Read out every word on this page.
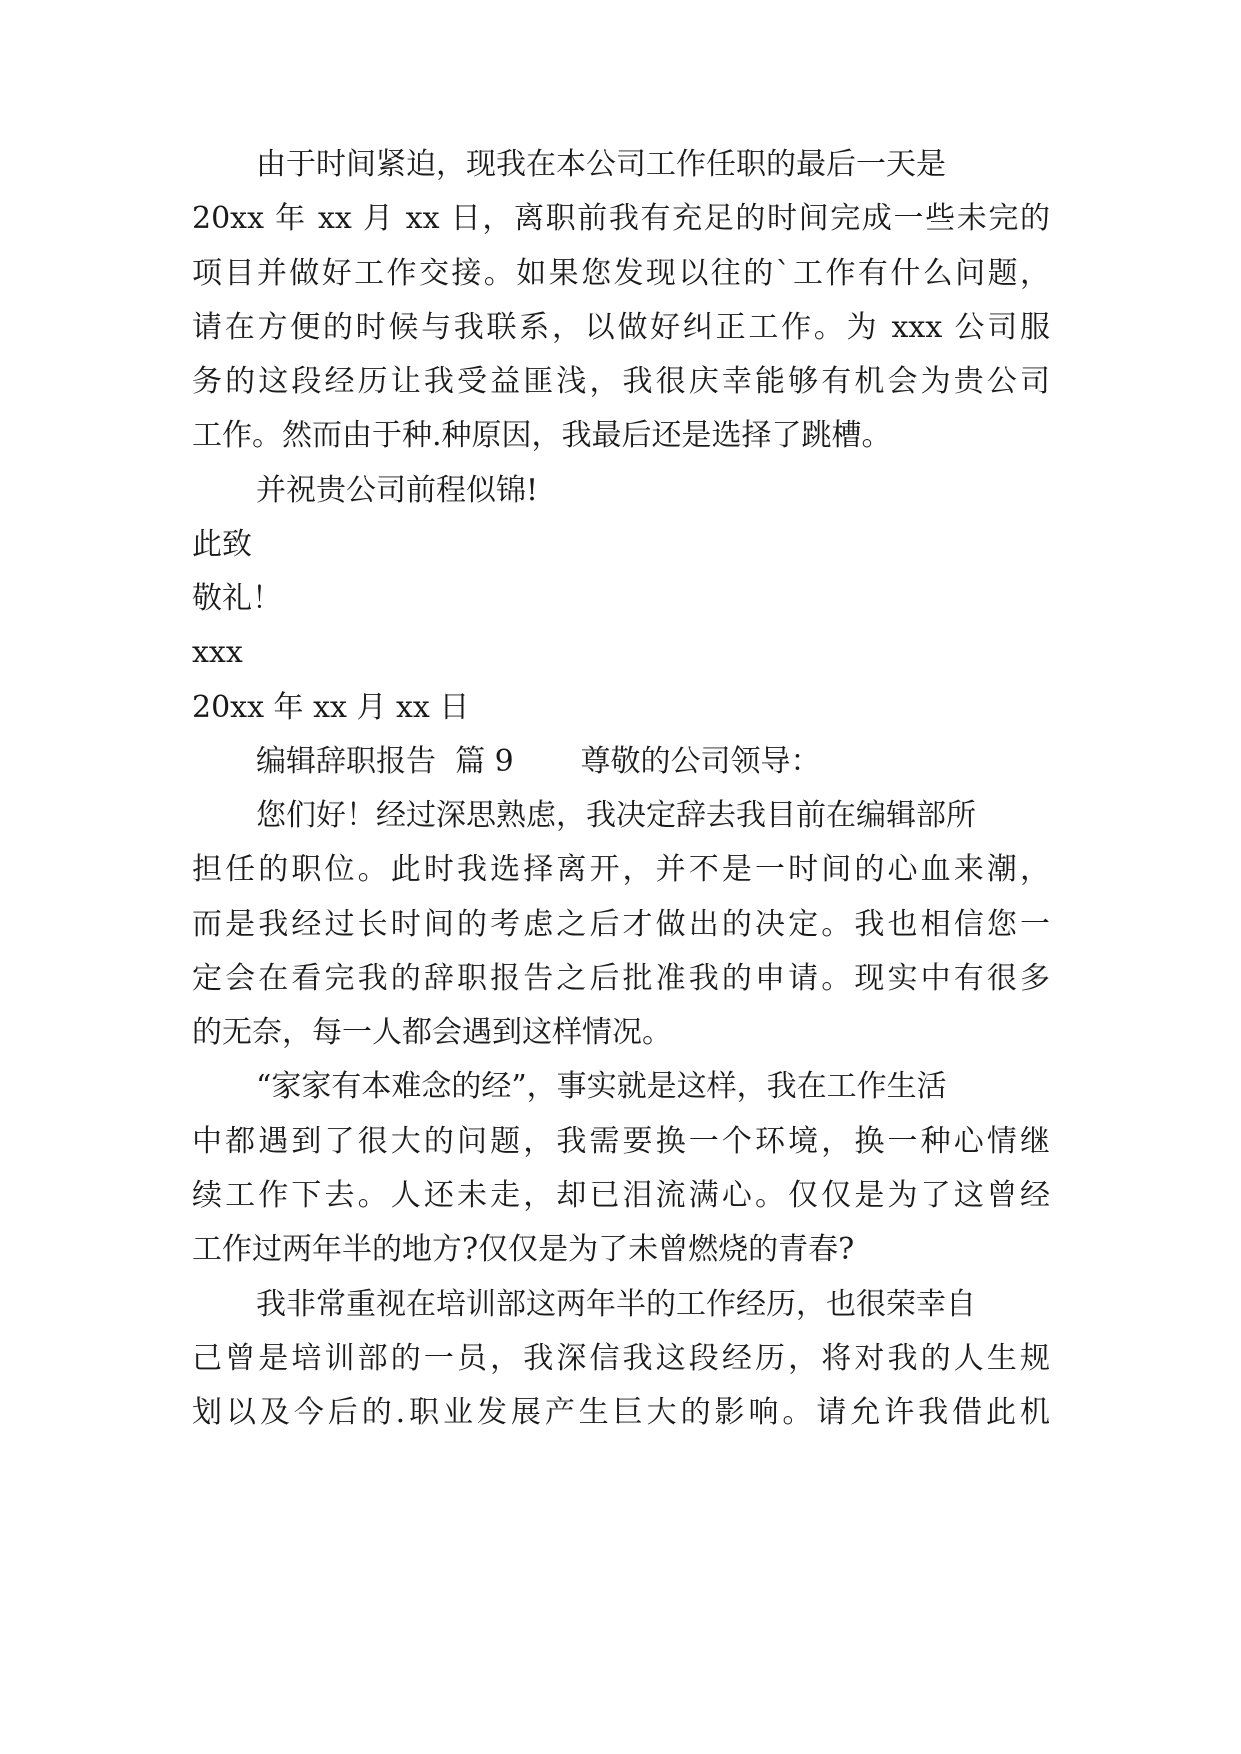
由于时间紧迫，现我在本公司工作任职的最后一天是
20xx 年 xx 月 xx 日，离职前我有充足的时间完成一些未完的
项目并做好工作交接。如果您发现以往的`工作有什么问题，
请在方便的时候与我联系，以做好纠正工作。为 xxx 公司服
务的这段经历让我受益匪浅，我很庆幸能够有机会为贵公司
工作。然而由于种.种原因，我最后还是选择了跳槽。
并祝贵公司前程似锦!
此致
敬礼！
xxx
20xx 年 xx 月 xx 日
编辑辞职报告  篇 9       尊敬的公司领导：
您们好！经过深思熟虑，我决定辞去我目前在编辑部所
担任的职位。此时我选择离开，并不是一时间的心血来潮，
而是我经过长时间的考虑之后才做出的决定。我也相信您一
定会在看完我的辞职报告之后批准我的申请。现实中有很多
的无奈，每一人都会遇到这样情况。
“家家有本难念的经”，事实就是这样，我在工作生活
中都遇到了很大的问题，我需要换一个环境，换一种心情继
续工作下去。人还未走，却已泪流满心。仅仅是为了这曾经
工作过两年半的地方?仅仅是为了未曾燃烧的青春?
我非常重视在培训部这两年半的工作经历，也很荣幸自
己曾是培训部的一员，我深信我这段经历，将对我的人生规
划以及今后的.职业发展产生巨大的影响。请允许我借此机
